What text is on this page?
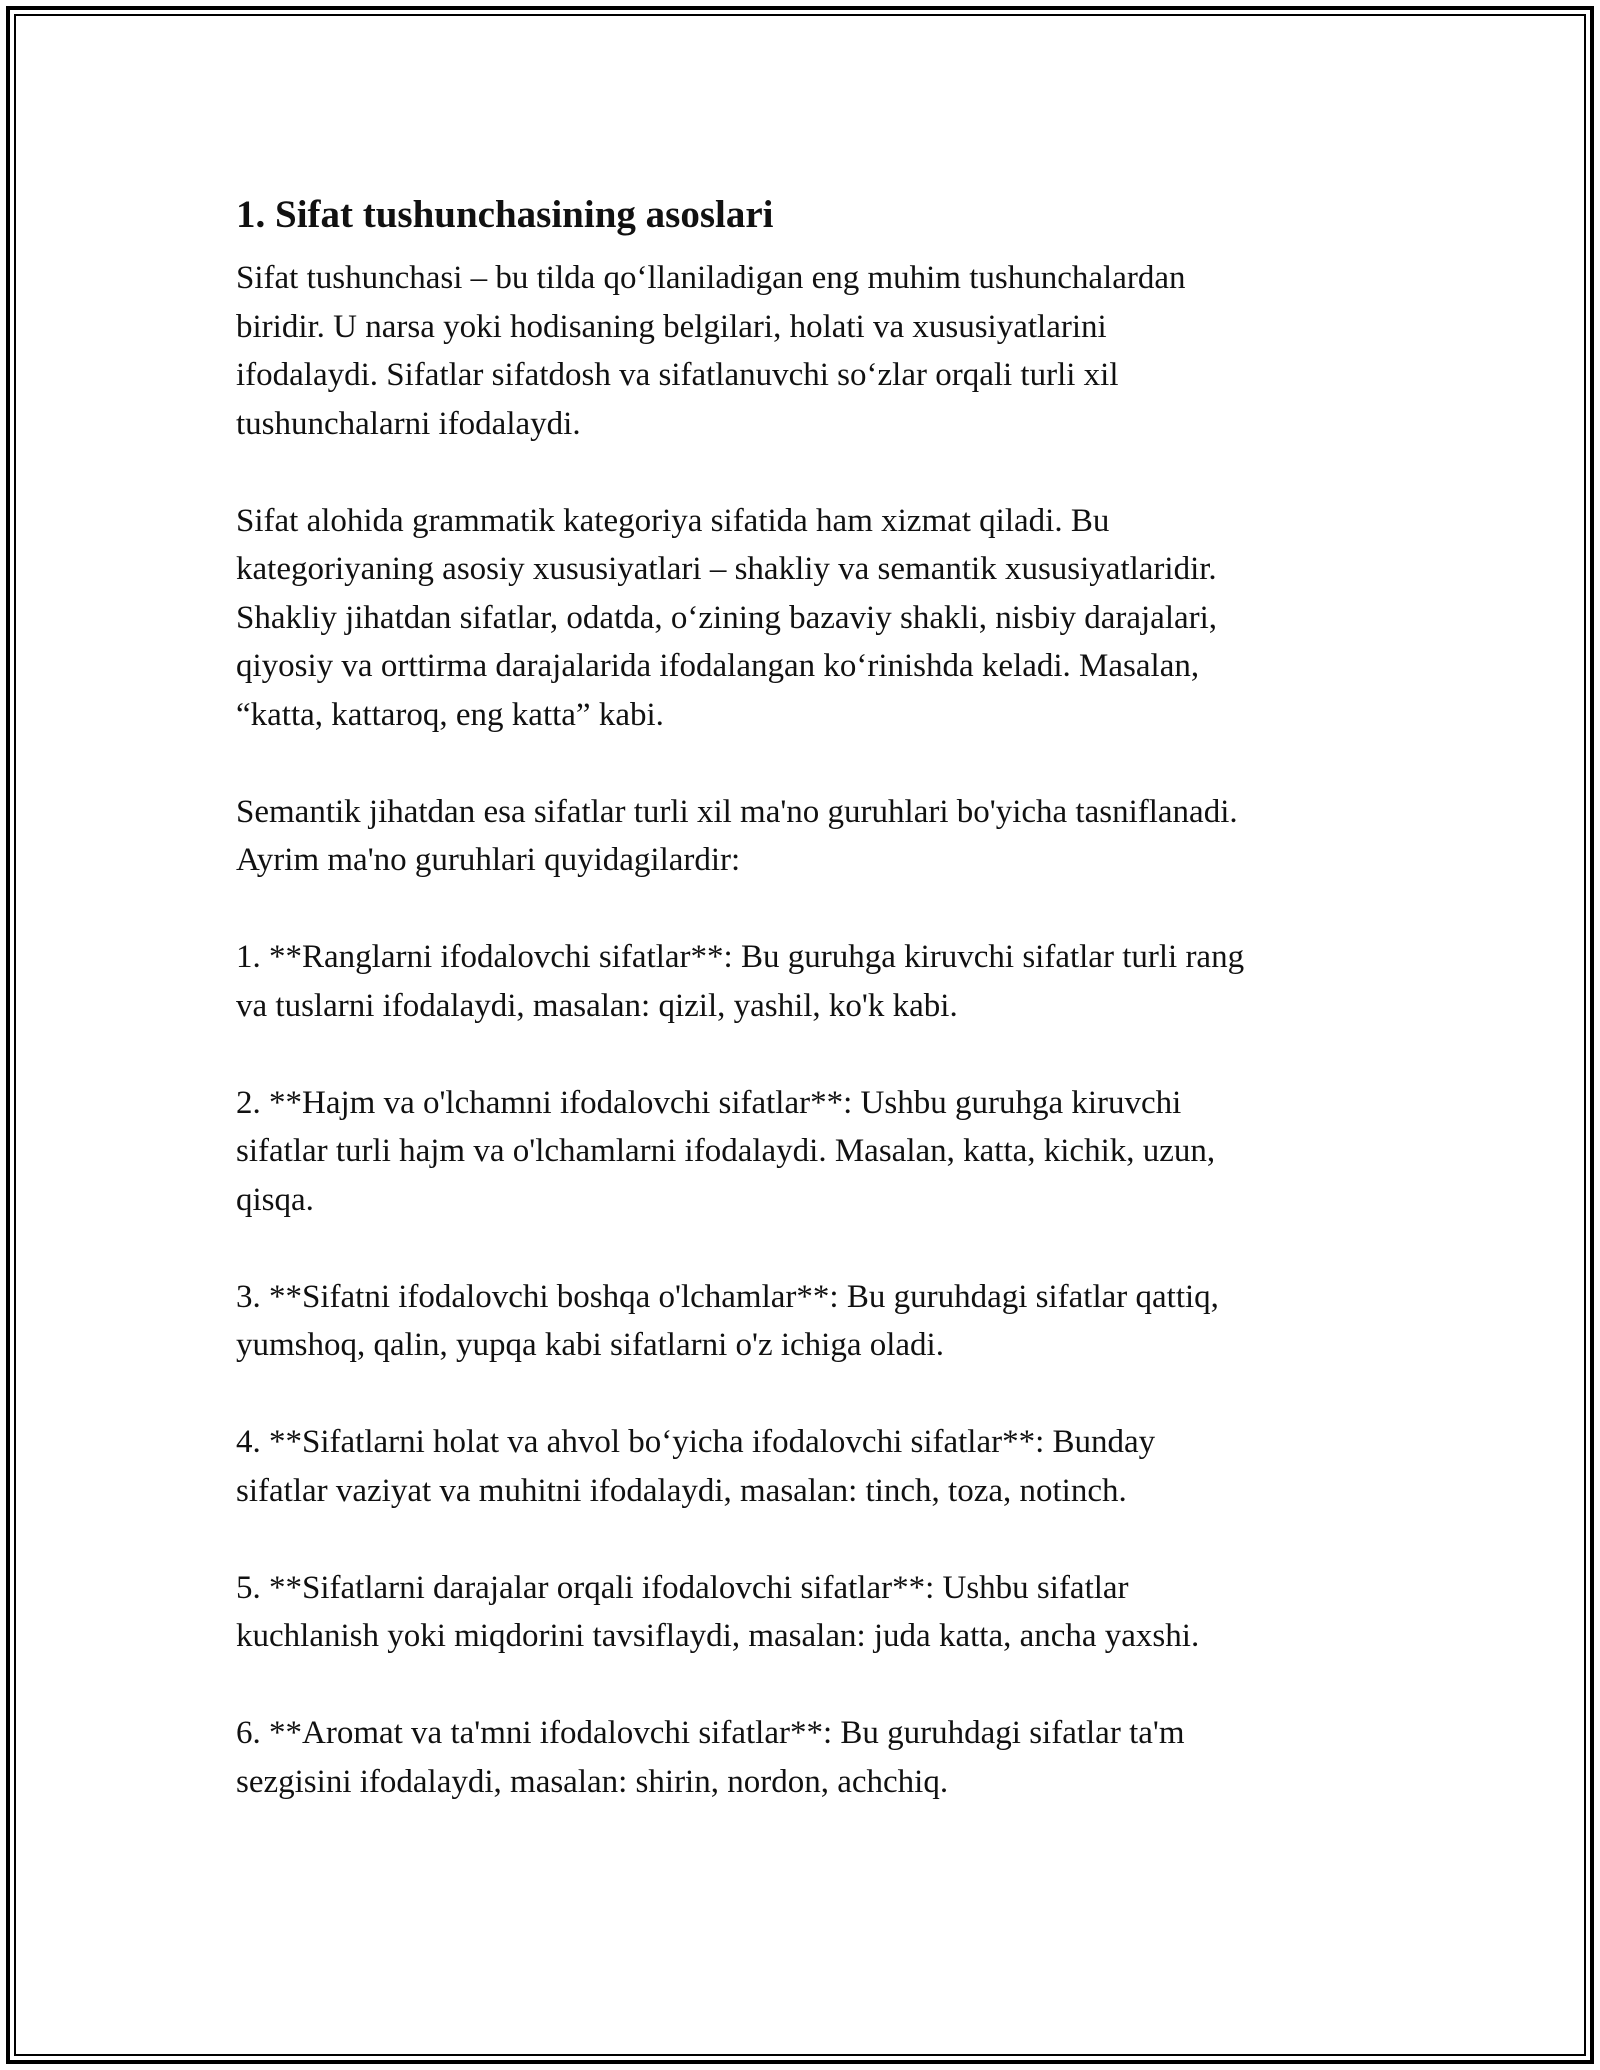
1. Sifat tushunchasining asoslari
Sifat tushunchasi – bu tilda qo‘llaniladigan eng muhim tushunchalardan
biridir. U narsa yoki hodisaning belgilari, holati va xususiyatlarini
ifodalaydi. Sifatlar sifatdosh va sifatlanuvchi so‘zlar orqali turli xil
tushunchalarni ifodalaydi.
Sifat alohida grammatik kategoriya sifatida ham xizmat qiladi. Bu
kategoriyaning asosiy xususiyatlari – shakliy va semantik xususiyatlaridir.
Shakliy jihatdan sifatlar, odatda, o‘zining bazaviy shakli, nisbiy darajalari,
qiyosiy va orttirma darajalarida ifodalangan ko‘rinishda keladi. Masalan,
“katta, kattaroq, eng katta” kabi.
Semantik jihatdan esa sifatlar turli xil ma'no guruhlari bo'yicha tasniflanadi.
Ayrim ma'no guruhlari quyidagilardir:
1. **Ranglarni ifodalovchi sifatlar**: Bu guruhga kiruvchi sifatlar turli rang
va tuslarni ifodalaydi, masalan: qizil, yashil, ko'k kabi.
2. **Hajm va o'lchamni ifodalovchi sifatlar**: Ushbu guruhga kiruvchi
sifatlar turli hajm va o'lchamlarni ifodalaydi. Masalan, katta, kichik, uzun,
qisqa.
3. **Sifatni ifodalovchi boshqa o'lchamlar**: Bu guruhdagi sifatlar qattiq,
yumshoq, qalin, yupqa kabi sifatlarni o'z ichiga oladi.
4. **Sifatlarni holat va ahvol bo‘yicha ifodalovchi sifatlar**: Bunday
sifatlar vaziyat va muhitni ifodalaydi, masalan: tinch, toza, notinch.
5. **Sifatlarni darajalar orqali ifodalovchi sifatlar**: Ushbu sifatlar
kuchlanish yoki miqdorini tavsiflaydi, masalan: juda katta, ancha yaxshi.
6. **Aromat va ta'mni ifodalovchi sifatlar**: Bu guruhdagi sifatlar ta'm
sezgisini ifodalaydi, masalan: shirin, nordon, achchiq.
